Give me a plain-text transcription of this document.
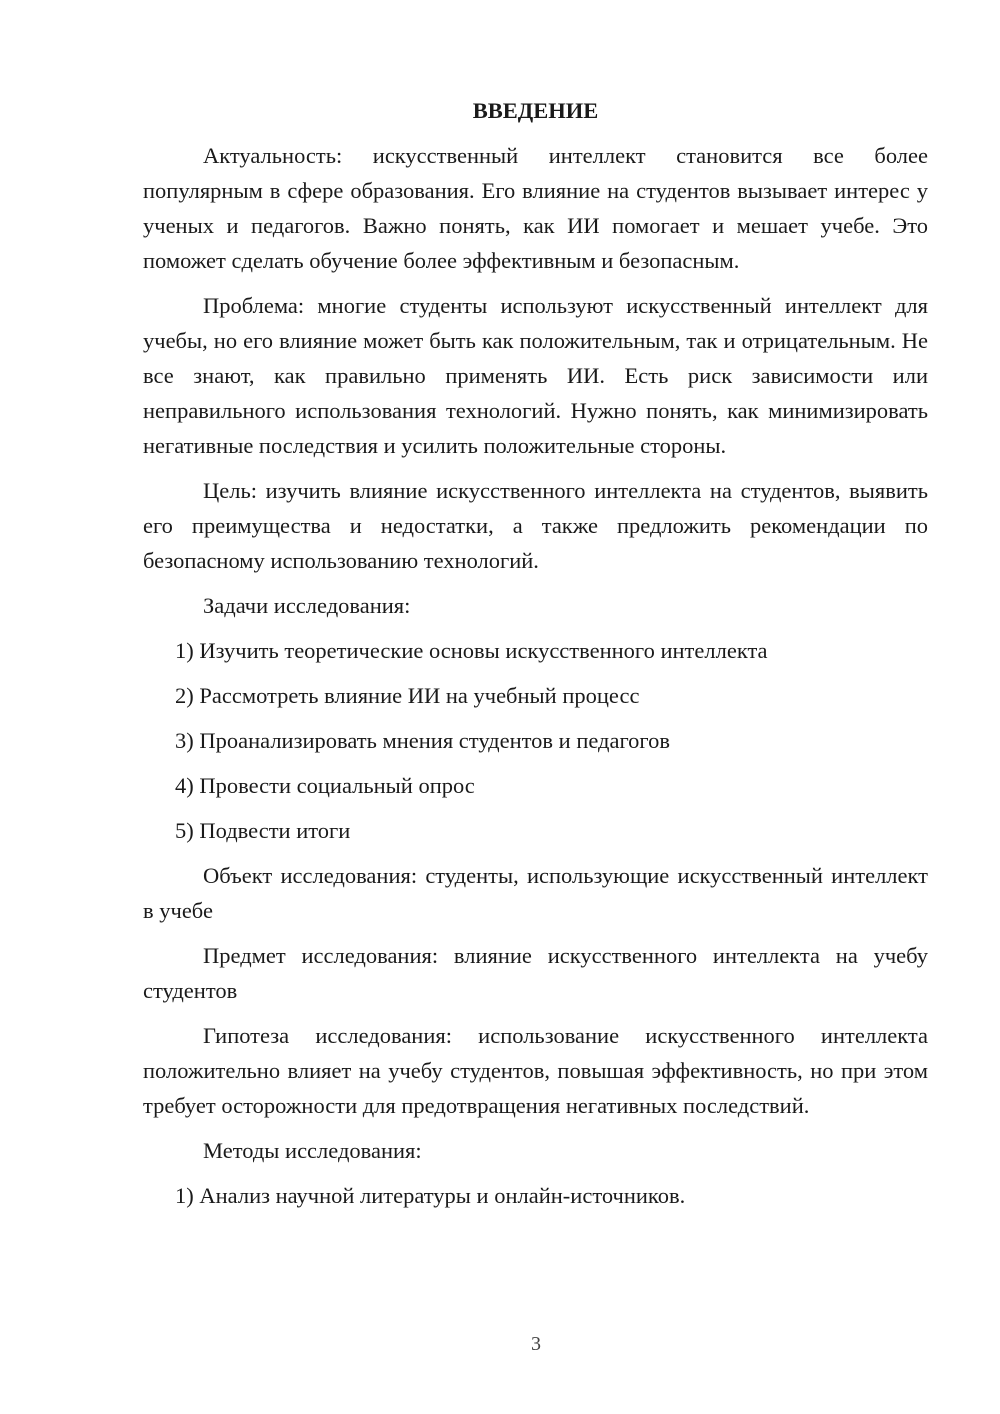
ВВЕДЕНИЕ

Актуальность: искусственный интеллект становится все более популярным в сфере образования. Его влияние на студентов вызывает интерес у ученых и педагогов. Важно понять, как ИИ помогает и мешает учебе. Это поможет сделать обучение более эффективным и безопасным.

Проблема: многие студенты используют искусственный интеллект для учебы, но его влияние может быть как положительным, так и отрицательным. Не все знают, как правильно применять ИИ. Есть риск зависимости или неправильного использования технологий. Нужно понять, как минимизировать негативные последствия и усилить положительные стороны.

Цель: изучить влияние искусственного интеллекта на студентов, выявить его преимущества и недостатки, а также предложить рекомендации по безопасному использованию технологий.

Задачи исследования:

1) Изучить теоретические основы искусственного интеллекта
2) Рассмотреть влияние ИИ на учебный процесс
3) Проанализировать мнения студентов и педагогов
4) Провести социальный опрос
5) Подвести итоги

Объект исследования: студенты, использующие искусственный интеллект в учебе

Предмет исследования: влияние искусственного интеллекта на учебу студентов

Гипотеза исследования: использование искусственного интеллекта положительно влияет на учебу студентов, повышая эффективность, но при этом требует осторожности для предотвращения негативных последствий.

Методы исследования:

1) Анализ научной литературы и онлайн-источников.
3
